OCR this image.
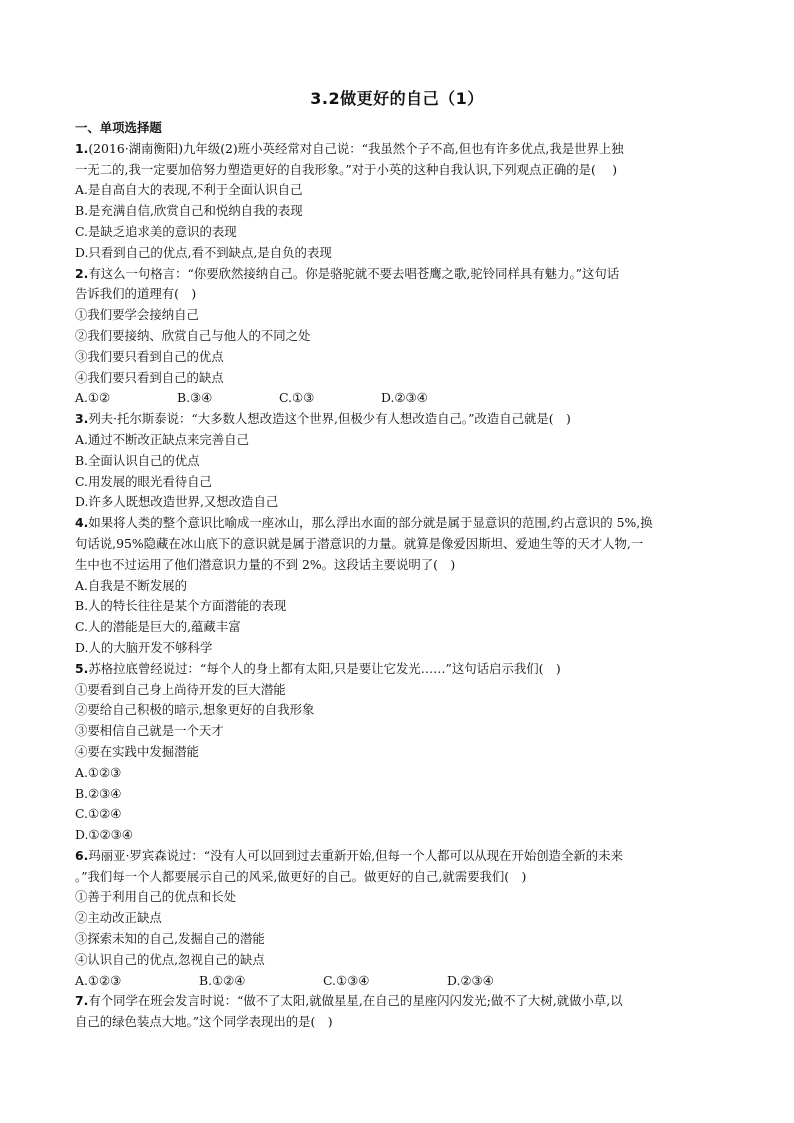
3.2做更好的自己（1）
一、单项选择题
1.(2016·湖南衡阳)九年级(2)班小英经常对自己说：“我虽然个子不高,但也有许多优点,我是世界上独
一无二的,我一定要加倍努力塑造更好的自我形象。”对于小英的这种自我认识,下列观点正确的是(　 )
A.是自高自大的表现,不利于全面认识自己
B.是充满自信,欣赏自己和悦纳自我的表现
C.是缺乏追求美的意识的表现
D.只看到自己的优点,看不到缺点,是自负的表现
2.有这么一句格言：“你要欣然接纳自己。你是骆驼就不要去唱苍鹰之歌,驼铃同样具有魅力。”这句话
告诉我们的道理有(　)
①我们要学会接纳自己
②我们要接纳、欣赏自己与他人的不同之处
③我们要只看到自己的优点
④我们要只看到自己的缺点
A.①②	B.③④	C.①③	D.②③④
3.列夫·托尔斯泰说：“大多数人想改造这个世界,但极少有人想改造自己。”改造自己就是(　)
A.通过不断改正缺点来完善自己
B.全面认识自己的优点
C.用发展的眼光看待自己
D.许多人既想改造世界,又想改造自己
4.如果将人类的整个意识比喻成一座冰山，那么浮出水面的部分就是属于显意识的范围,约占意识的 5%,换
句话说,95%隐藏在冰山底下的意识就是属于潜意识的力量。就算是像爱因斯坦、爱迪生等的天才人物,一
生中也不过运用了他们潜意识力量的不到 2%。这段话主要说明了(　)
A.自我是不断发展的
B.人的特长往往是某个方面潜能的表现
C.人的潜能是巨大的,蕴藏丰富
D.人的大脑开发不够科学
5.苏格拉底曾经说过：“每个人的身上都有太阳,只是要让它发光……”这句话启示我们(　)
①要看到自己身上尚待开发的巨大潜能
②要给自己积极的暗示,想象更好的自我形象
③要相信自己就是一个天才
④要在实践中发掘潜能
A.①②③
B.②③④
C.①②④
D.①②③④
6.玛丽亚·罗宾森说过：“没有人可以回到过去重新开始,但每一个人都可以从现在开始创造全新的未来
。”我们每一个人都要展示自己的风采,做更好的自己。做更好的自己,就需要我们(　)
①善于利用自己的优点和长处
②主动改正缺点
③探索未知的自己,发掘自己的潜能
④认识自己的优点,忽视自己的缺点
A.①②③	B.①②④	C.①③④	D.②③④
7.有个同学在班会发言时说：“做不了太阳,就做星星,在自己的星座闪闪发光;做不了大树,就做小草,以
自己的绿色装点大地。”这个同学表现出的是(　)
